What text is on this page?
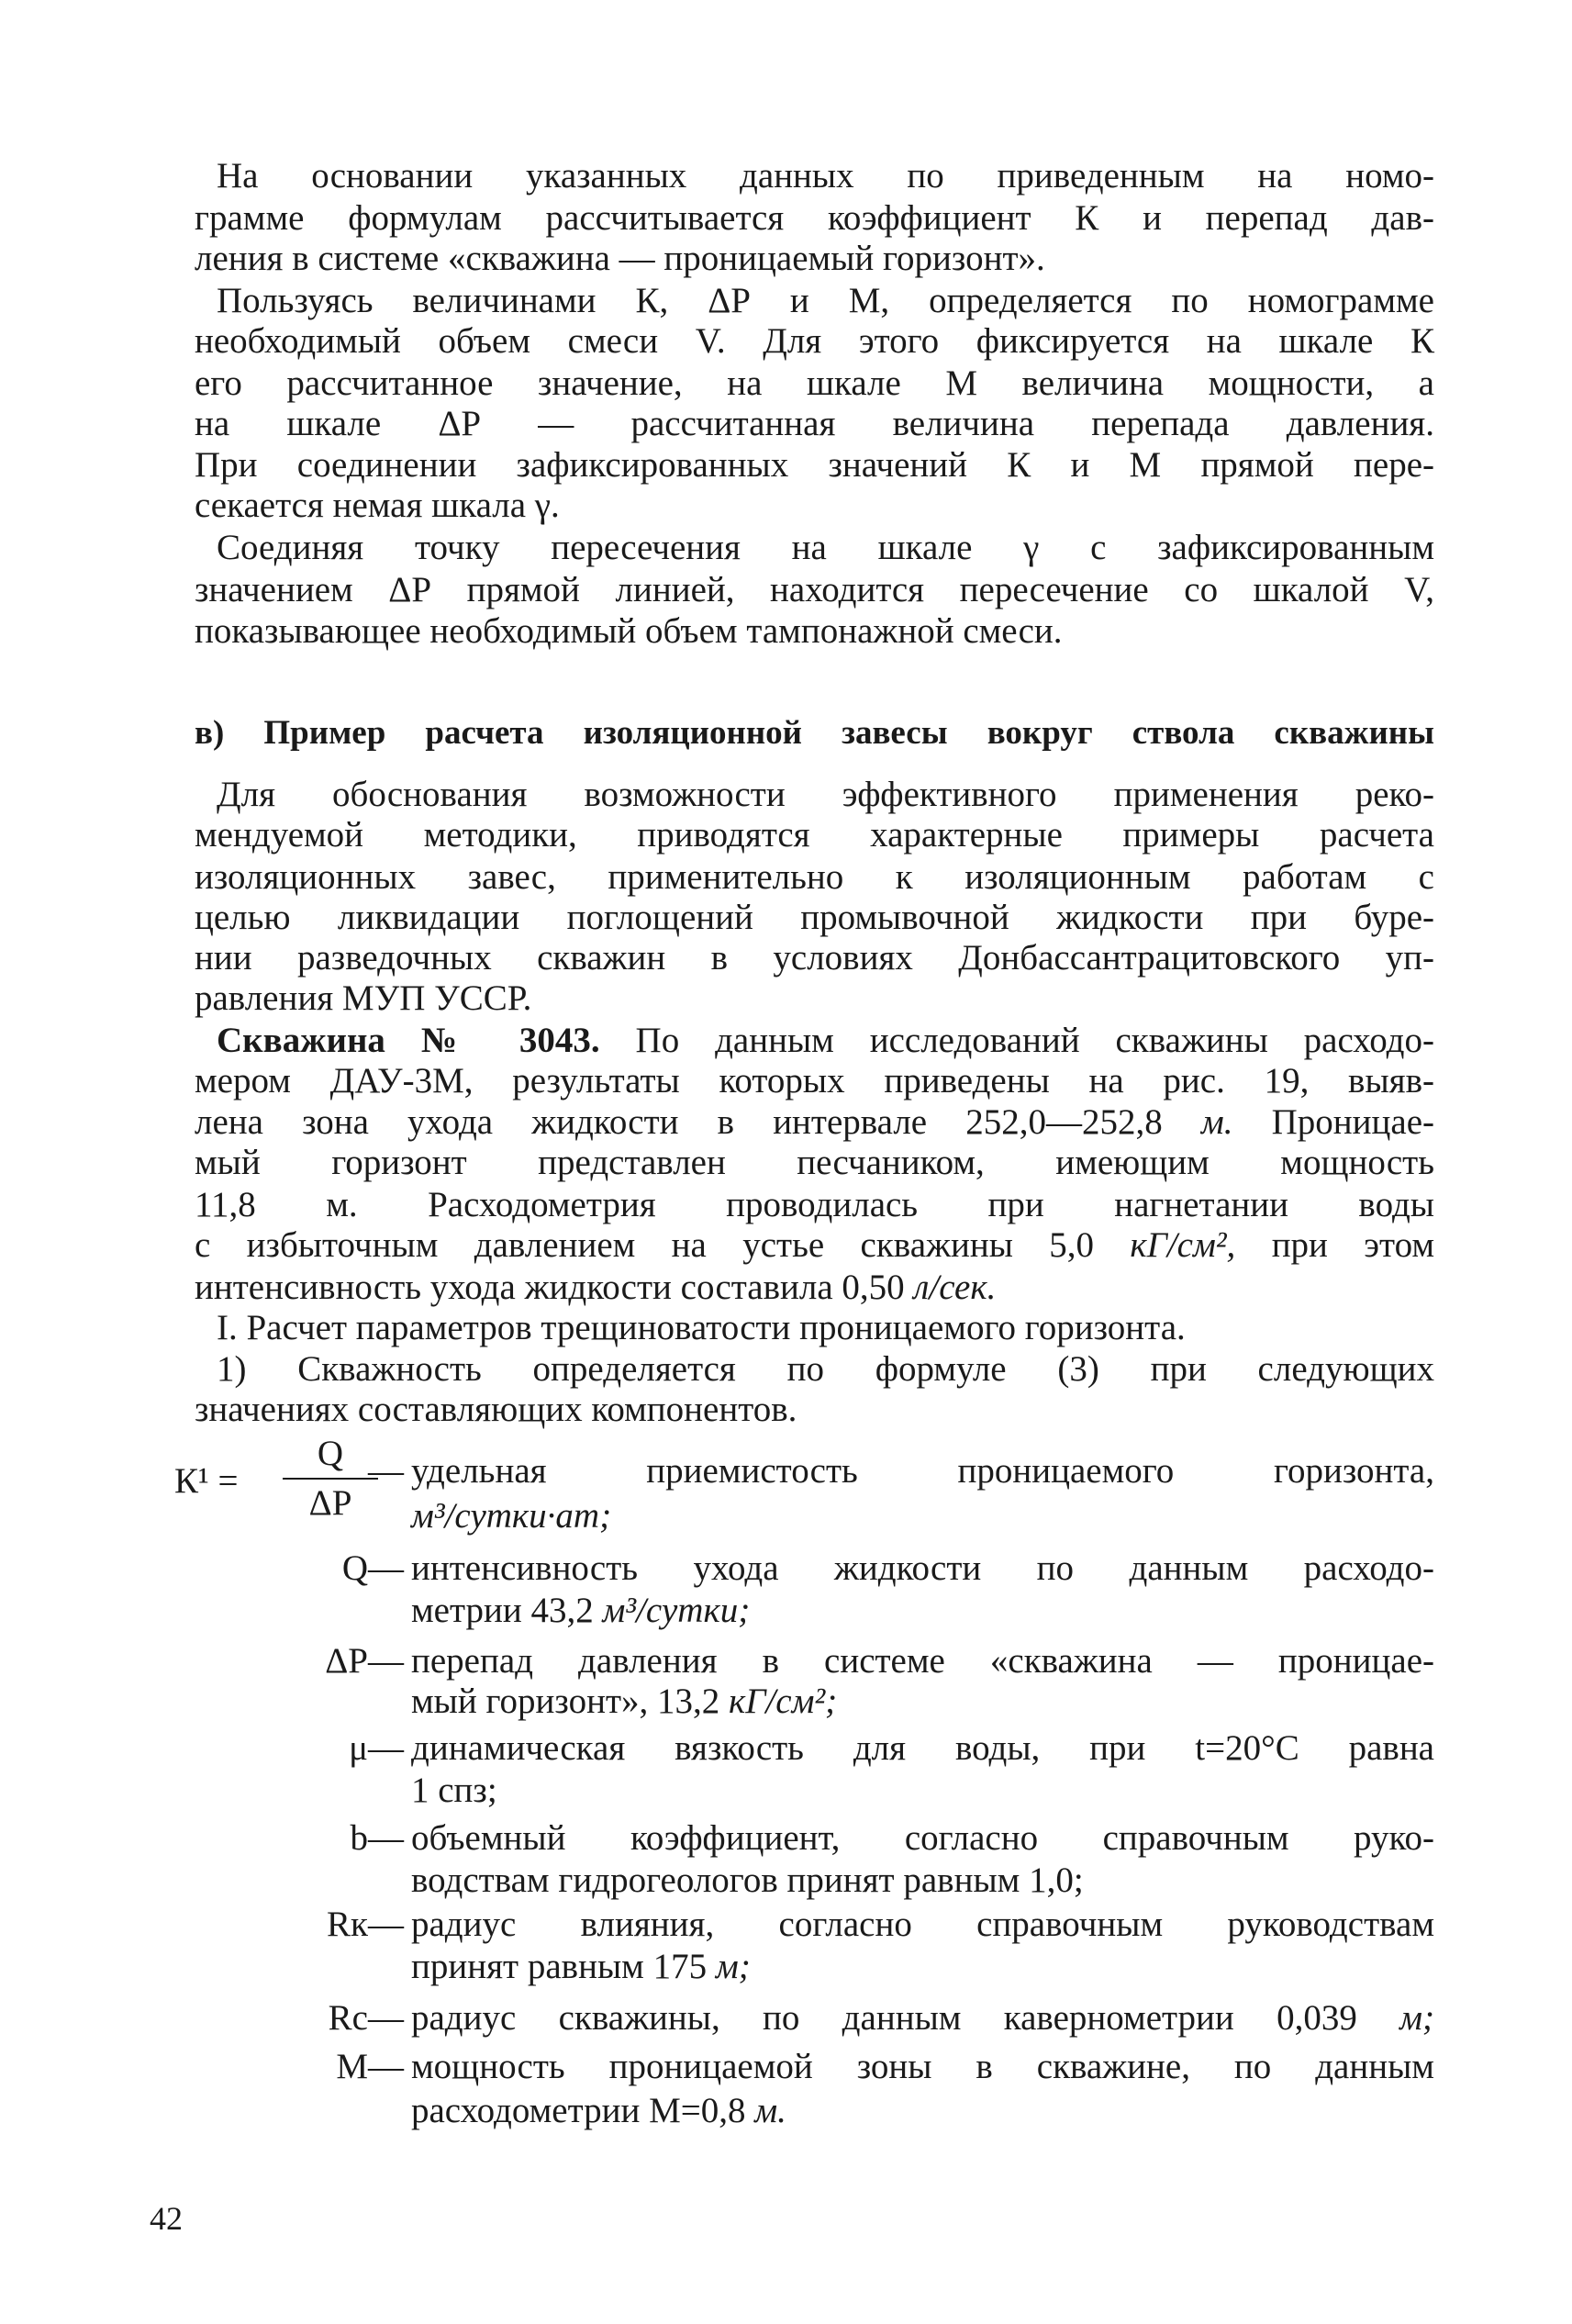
На основании указанных данных по приведенным на номо-
грамме формулам рассчитывается коэффициент К и перепад дав-
ления в системе «скважина — проницаемый горизонт».
Пользуясь величинами К, ΔР и М, определяется по номограмме
необходимый объем смеси V. Для этого фиксируется на шкале К
его рассчитанное значение, на шкале М величина мощности, а
на шкале ΔР — рассчитанная величина перепада давления.
При соединении зафиксированных значений К и М прямой пере-
секается немая шкала γ.
Соединяя точку пересечения на шкале γ с зафиксированным
значением ΔР прямой линией, находится пересечение со шкалой V,
показывающее необходимый объем тампонажной смеси.
в) Пример расчета изоляционной завесы вокруг ствола скважины
Для обоснования возможности эффективного применения реко-
мендуемой методики, приводятся характерные примеры расчета
изоляционных завес, применительно к изоляционным работам с
целью ликвидации поглощений промывочной жидкости при буре-
нии разведочных скважин в условиях Донбассантрацитовского уп-
равления МУП УССР.
Скважина № 3043. По данным исследований скважины расходо-
мером ДАУ-3М, результаты которых приведены на рис. 19, выяв-
лена зона ухода жидкости в интервале 252,0—252,8 м. Проницае-
мый горизонт представлен песчаником, имеющим мощность
11,8 м. Расходометрия проводилась при нагнетании воды
с избыточным давлением на устье скважины 5,0 кГ/см², при этом
интенсивность ухода жидкости составила 0,50 л/сек.
I. Расчет параметров трещиноватости проницаемого горизонта.
1) Скважность определяется по формуле (3) при следующих
значениях составляющих компонентов.
К¹ =
Q
ΔР
— удельная приемистость проницаемого горизонта,
м³/сутки·ат;
Q— интенсивность ухода жидкости по данным расходо-
метрии 43,2 м³/сутки;
ΔР— перепад давления в системе «скважина — проницае-
мый горизонт», 13,2 кГ/см²;
μ— динамическая вязкость для воды, при t=20°С равна
1 спз;
b— объемный коэффициент, согласно справочным руко-
водствам гидрогеологов принят равным 1,0;
Rк— радиус влияния, согласно справочным руководствам
принят равным 175 м;
Rс— радиус скважины, по данным кавернометрии 0,039 м;
М— мощность проницаемой зоны в скважине, по данным
расходометрии М=0,8 м.
42
